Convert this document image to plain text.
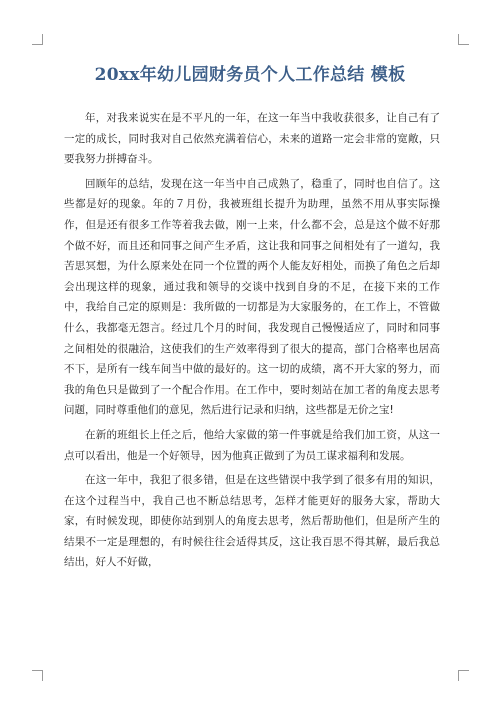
20xx年幼儿园财务员个人工作总结 模板

年，对我来说实在是不平凡的一年，在这一年当中我收获很多，让自己有了一定的成长，同时我对自己依然充满着信心，未来的道路一定会非常的宽敞，只要我努力拼搏奋斗。

回顾年的总结，发现在这一年当中自己成熟了，稳重了，同时也自信了。这些都是好的现象。年的７月份，我被班组长提升为助理，虽然不用从事实际操作，但是还有很多工作等着我去做，刚一上来，什么都不会，总是这个做不好那个做不好，而且还和同事之间产生矛盾，这让我和同事之间相处有了一道勾，我苦思冥想，为什么原来处在同一个位置的两个人能友好相处，而换了角色之后却会出现这样的现象，通过我和领导的交谈中找到自身的不足，在接下来的工作中，我给自己定的原则是：我所做的一切都是为大家服务的，在工作上，不管做什么，我都毫无怨言。经过几个月的时间，我发现自己慢慢适应了，同时和同事之间相处的很融洽，这使我们的生产效率得到了很大的提高，部门合格率也居高不下，是所有一线车间当中做的最好的。这一切的成绩，离不开大家的努力，而我的角色只是做到了一个配合作用。在工作中，要时刻站在加工者的角度去思考问题，同时尊重他们的意见，然后进行记录和归纳，这些都是无价之宝!

在新的班组长上任之后，他给大家做的第一件事就是给我们加工资，从这一点可以看出，他是一个好领导，因为他真正做到了为员工谋求福利和发展。

在这一年中，我犯了很多错，但是在这些错误中我学到了很多有用的知识，在这个过程当中，我自己也不断总结思考，怎样才能更好的服务大家，帮助大家，有时候发现，即使你站到别人的角度去思考，然后帮助他们，但是所产生的结果不一定是理想的，有时候往往会适得其反，这让我百思不得其解，最后我总结出，好人不好做，
